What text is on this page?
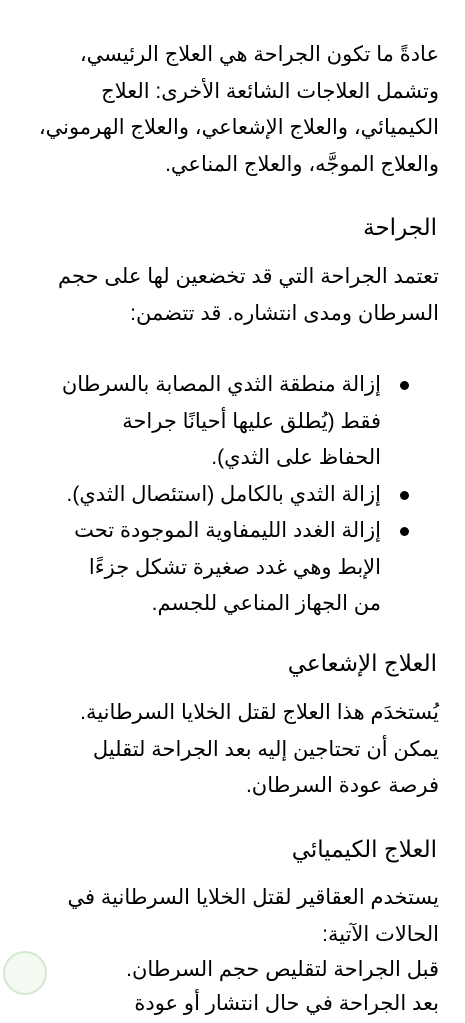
عادةً ما تكون الجراحة هي العلاج الرئيسي، وتشمل العلاجات الشائعة الأخرى: العلاج الكيميائي، والعلاج الإشعاعي، والعلاج الهرموني، والعلاج الموجَّه، والعلاج المناعي.

الجراحة

تعتمد الجراحة التي قد تخضعين لها على حجم السرطان ومدى انتشاره. قد تتضمن:

إزالة منطقة الثدي المصابة بالسرطان فقط (يُطلق عليها أحيانًا جراحة الحفاظ على الثدي).
إزالة الثدي بالكامل (استئصال الثدي).
إزالة الغدد الليمفاوية الموجودة تحت الإبط وهي غدد صغيرة تشكل جزءًا من الجهاز المناعي للجسم.
العلاج الإشعاعي

يُستخدَم هذا العلاج لقتل الخلايا السرطانية. يمكن أن تحتاجين إليه بعد الجراحة لتقليل فرصة عودة السرطان.

العلاج الكيميائي

يستخدم العقاقير لقتل الخلايا السرطانية في الحالات الآتية:

قبل الجراحة لتقليص حجم السرطان.

بعد الجراحة في حال انتشار أو عودة
